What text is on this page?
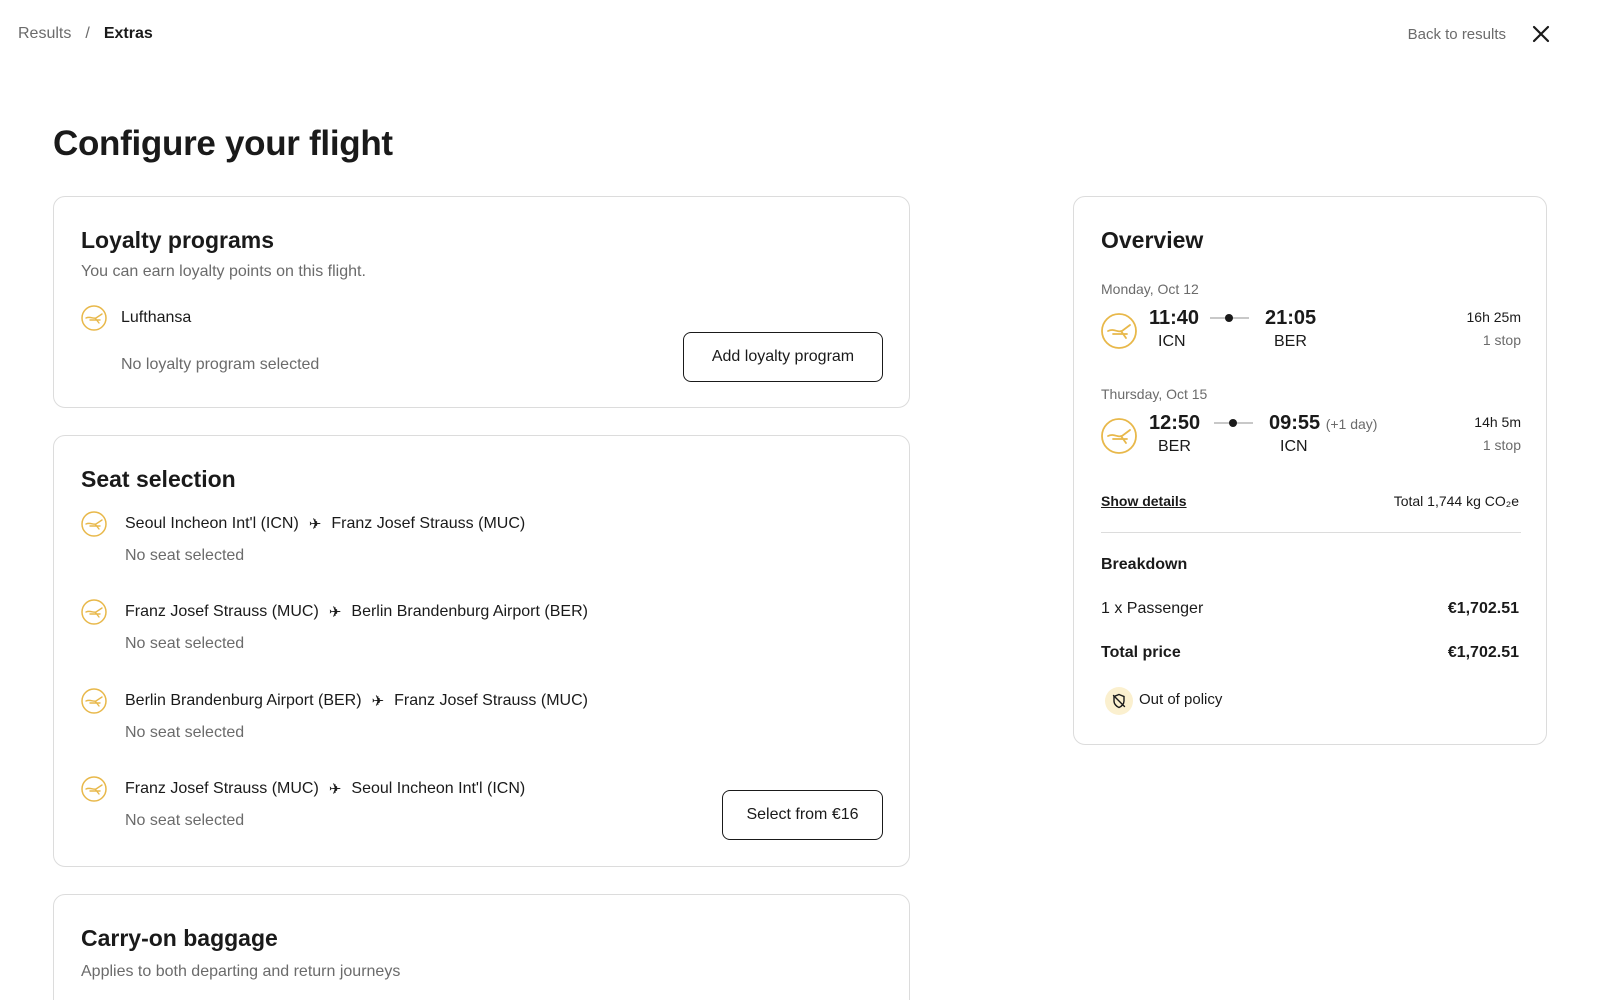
Results / Extras	Back to results
Configure your flight
Loyalty programs
You can earn loyalty points on this flight.
Lufthansa
No loyalty program selected	Add loyalty program
Seat selection
Seoul Incheon Int'l (ICN) ✈ Franz Josef Strauss (MUC)
No seat selected
Franz Josef Strauss (MUC) ✈ Berlin Brandenburg Airport (BER)
No seat selected
Berlin Brandenburg Airport (BER) ✈ Franz Josef Strauss (MUC)
No seat selected
Franz Josef Strauss (MUC) ✈ Seoul Incheon Int'l (ICN)
No seat selected	Select from €16
Carry-on baggage
Applies to both departing and return journeys
Overview
Monday, Oct 12
11:40
ICN
21:05
BER
16h 25m
1 stop
Thursday, Oct 15
12:50
BER
09:55 (+1 day)
ICN
14h 5m
1 stop
Show details	Total 1,744 kg CO₂e
Breakdown
1 x Passenger	€1,702.51
Total price	€1,702.51
Out of policy
